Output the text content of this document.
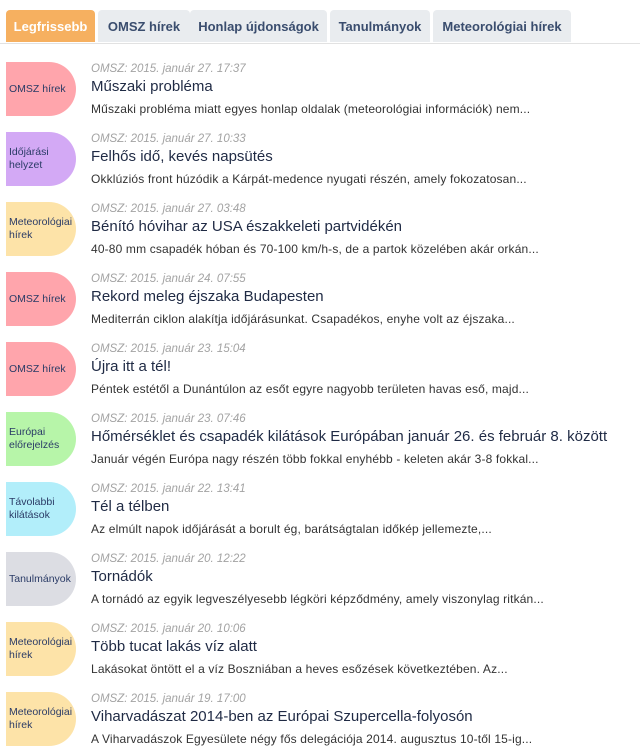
Legfrissebb	OMSZ hírek	Honlap újdonságok	Tanulmányok	Meteorológiai hírek
OMSZ hírek
OMSZ: 2015. január 27. 17:37
Műszaki probléma
Műszaki probléma miatt egyes honlap oldalak (meteorológiai információk) nem...
Időjárási helyzet
OMSZ: 2015. január 27. 10:33
Felhős idő, kevés napsütés
Okklúziós front húzódik a Kárpát-medence nyugati részén, amely fokozatosan...
Meteorológiai hírek
OMSZ: 2015. január 27. 03:48
Bénító hóvihar az USA északkeleti partvidékén
40-80 mm csapadék hóban és 70-100 km/h-s, de a partok közelében akár orkán...
OMSZ hírek
OMSZ: 2015. január 24. 07:55
Rekord meleg éjszaka Budapesten
Mediterrán ciklon alakítja időjárásunkat. Csapadékos, enyhe volt az éjszaka...
OMSZ hírek
OMSZ: 2015. január 23. 15:04
Újra itt a tél!
Péntek estétől a Dunántúlon az esőt egyre nagyobb területen havas eső, majd...
Európai előrejelzés
OMSZ: 2015. január 23. 07:46
Hőmérséklet és csapadék kilátások Európában január 26. és február 8. között
Január végén Európa nagy részén több fokkal enyhébb - keleten akár 3-8 fokkal...
Távolabbi kilátások
OMSZ: 2015. január 22. 13:41
Tél a télben
Az elmúlt napok időjárását a borult ég, barátságtalan időkép jellemezte,...
Tanulmányok
OMSZ: 2015. január 20. 12:22
Tornádók
A tornádó az egyik legveszélyesebb légköri képződmény, amely viszonylag ritkán...
Meteorológiai hírek
OMSZ: 2015. január 20. 10:06
Több tucat lakás víz alatt
Lakásokat öntött el a víz Boszniában a heves esőzések következtében. Az...
Meteorológiai hírek
OMSZ: 2015. január 19. 17:00
Viharvadászat 2014-ben az Európai Szupercella-folyosón
A Viharvadászok Egyesülete négy fős delegációja 2014. augusztus 10-től 15-ig...
